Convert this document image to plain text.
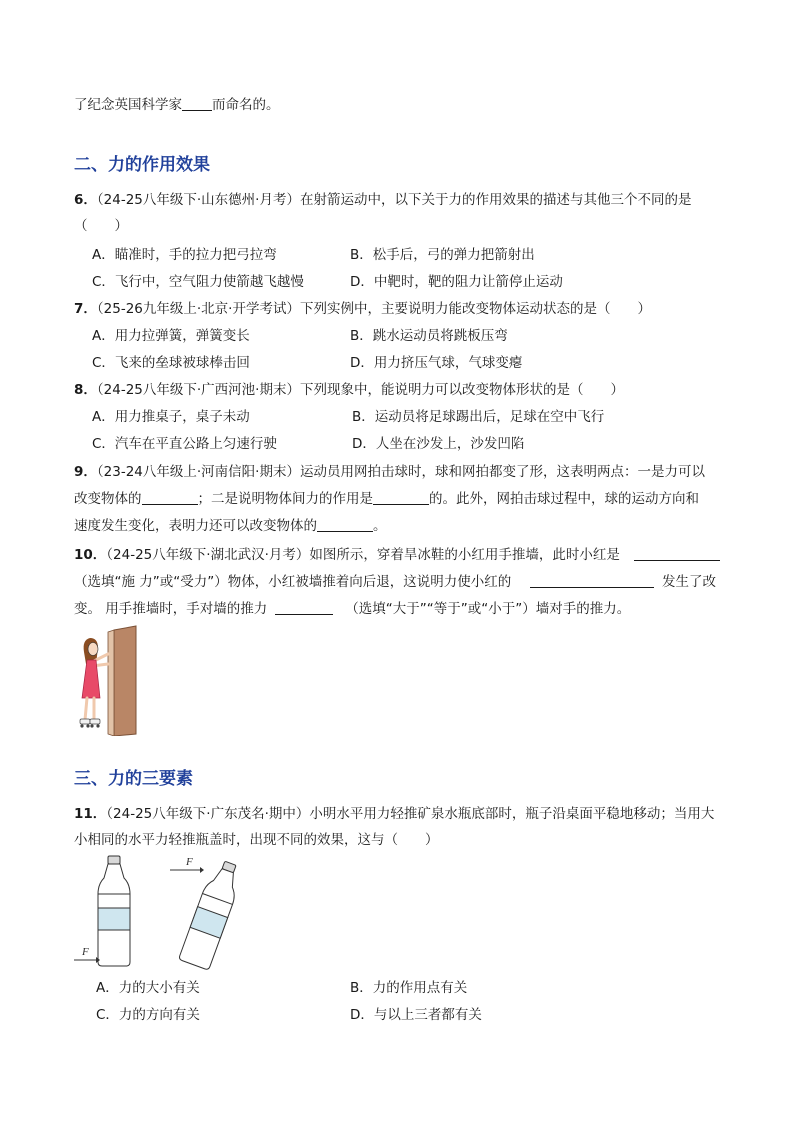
了纪念英国科学家 而命名的。
二、力的作用效果
6．（24-25八年级下·山东德州·月考）在射箭运动中，以下关于力的作用效果的描述与其他三个不同的是
（　　）
A．瞄准时，手的拉力把弓拉弯	B．松手后，弓的弹力把箭射出
C．飞行中，空气阻力使箭越飞越慢	D．中靶时，靶的阻力让箭停止运动
7．（25-26九年级上·北京·开学考试）下列实例中，主要说明力能改变物体运动状态的是（　　）
A．用力拉弹簧，弹簧变长	B．跳水运动员将跳板压弯
C．飞来的垒球被球棒击回	D．用力挤压气球，气球变瘪
8．（24-25八年级下·广西河池·期末）下列现象中，能说明力可以改变物体形状的是（　　）
A．用力推桌子，桌子未动	B．运动员将足球踢出后，足球在空中飞行
C．汽车在平直公路上匀速行驶	D．人坐在沙发上，沙发凹陷
9．（23-24八年级上·河南信阳·期末）运动员用网拍击球时，球和网拍都变了形，这表明两点：一是力可以
改变物体的	；二是说明物体间力的作用是	的。此外，网拍击球过程中，球的运动方向和
速度发生变化，表明力还可以改变物体的	。
10．（24-25八年级下·湖北武汉·月考）如图所示，穿着旱冰鞋的小红用手推墙，此时小红是
（选填“施 力”或“受力”）物体，小红被墙推着向后退，这说明力使小红的	发生了改
变。 用手推墙时，手对墙的推力	（选填“大于”“等于”或“小于”）墙对手的推力。
三、力的三要素
11．（24-25八年级下·广东茂名·期中）小明水平用力轻推矿泉水瓶底部时，瓶子沿桌面平稳地移动；当用大
小相同的水平力轻推瓶盖时，出现不同的效果，这与（　　）
F
F
A．力的大小有关	B．力的作用点有关
C．力的方向有关	D．与以上三者都有关
